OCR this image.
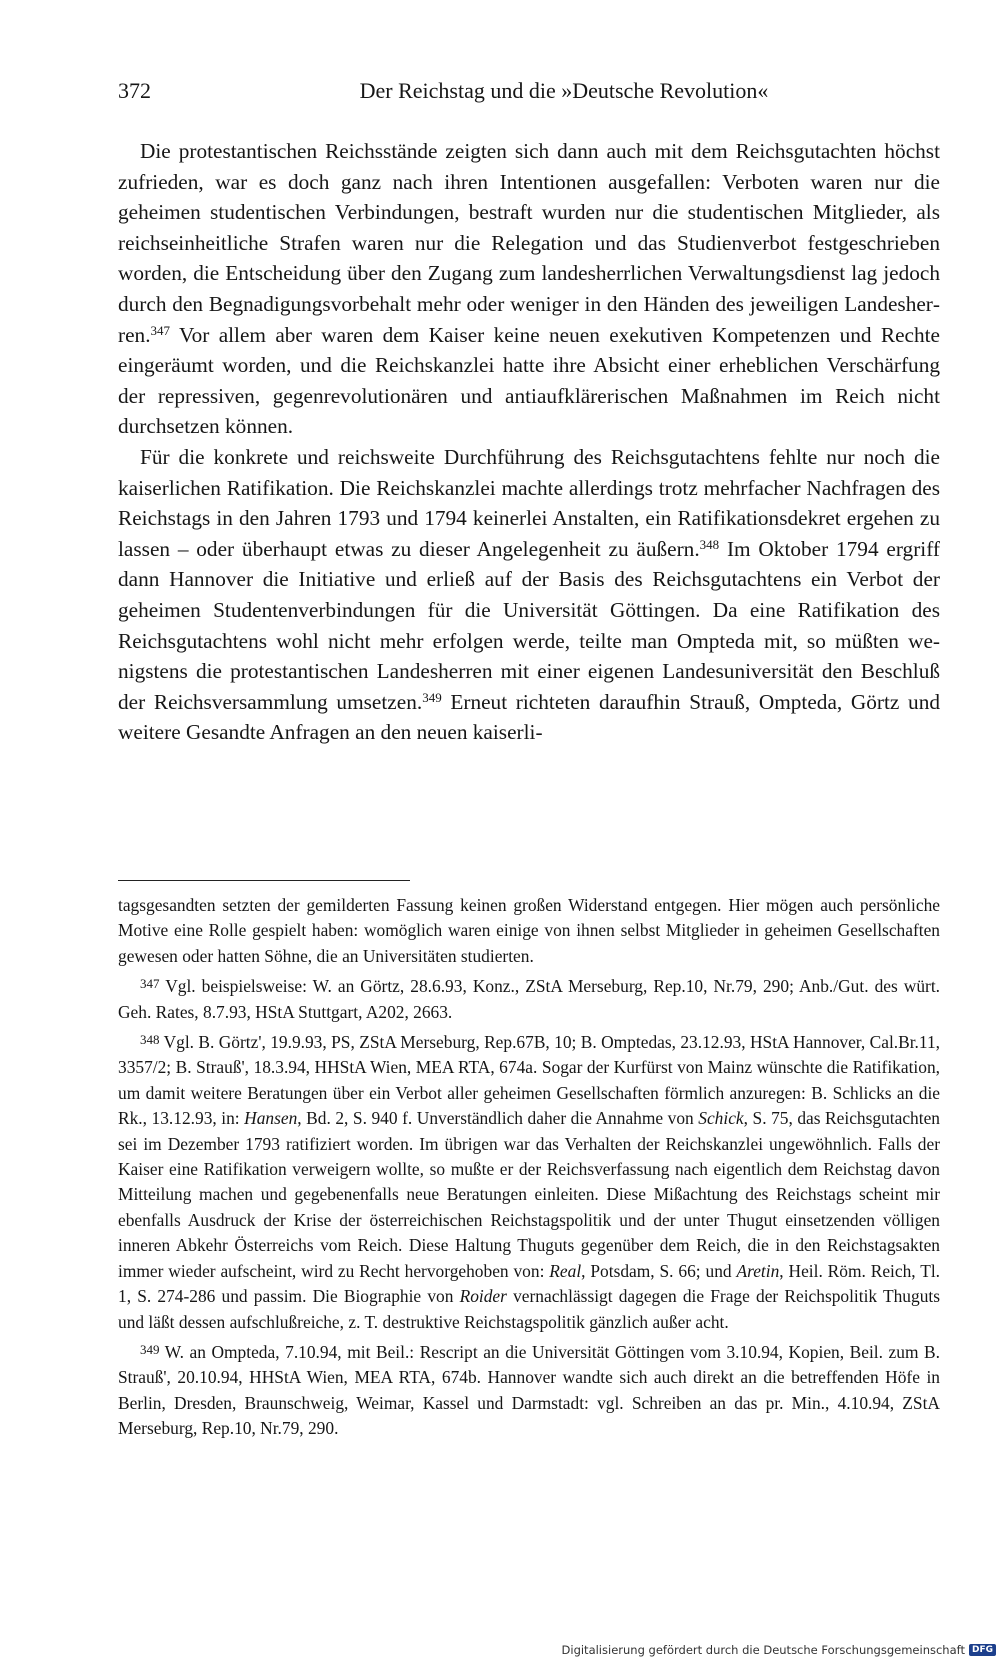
372	Der Reichstag und die »Deutsche Revolution«

Die protestantischen Reichsstände zeigten sich dann auch mit dem Reichsgutachten höchst zufrieden, war es doch ganz nach ihren Intentionen ausgefallen: Verboten waren nur die geheimen studentischen Verbindungen, bestraft wurden nur die studentischen Mitglieder, als reichseinheitliche Strafen waren nur die Relegation und das Studienverbot festgeschrieben worden, die Entscheidung über den Zugang zum landesherrlichen Verwaltungsdienst lag jedoch durch den Begnadigungsvorbehalt mehr oder weniger in den Händen des jeweiligen Landesherren.$^{347}$ Vor allem aber waren dem Kaiser keine neuen exekutiven Kompetenzen und Rechte eingeräumt worden, und die Reichskanzlei hatte ihre Absicht einer erheblichen Verschärfung der repressiven, gegenrevolutionären und antiaufklärerischen Maßnahmen im Reich nicht durchsetzen können.

Für die konkrete und reichsweite Durchführung des Reichsgutachtens fehlte nur noch die kaiserlichen Ratifikation. Die Reichskanzlei machte allerdings trotz mehrfacher Nachfragen des Reichstags in den Jahren 1793 und 1794 keinerlei Anstalten, ein Ratifikationsdekret ergehen zu lassen – oder überhaupt etwas zu dieser Angelegenheit zu äußern.$^{348}$ Im Oktober 1794 ergriff dann Hannover die Initiative und erließ auf der Basis des Reichsgutachtens ein Verbot der geheimen Studentenverbindungen für die Universität Göttingen. Da eine Ratifikation des Reichsgutachtens wohl nicht mehr erfolgen werde, teilte man Ompteda mit, so müßten wenigstens die protestantischen Landesherren mit einer eigenen Landesuniversität den Beschluß der Reichsversammlung umsetzen.$^{349}$ Erneut richteten daraufhin Strauß, Ompteda, Görtz und weitere Gesandte Anfragen an den neuen kaiserli-

tagsgesandten setzten der gemilderten Fassung keinen großen Widerstand entgegen. Hier mögen auch persönliche Motive eine Rolle gespielt haben: womöglich waren einige von ihnen selbst Mitglieder in geheimen Gesellschaften gewesen oder hatten Söhne, die an Universitäten studierten.

$^{347}$ Vgl. beispielsweise: W. an Görtz, 28.6.93, Konz., ZStA Merseburg, Rep.10, Nr.79, 290; Anb./Gut. des würt. Geh. Rates, 8.7.93, HStA Stuttgart, A202, 2663.

$^{348}$ Vgl. B. Görtz', 19.9.93, PS, ZStA Merseburg, Rep.67B, 10; B. Omptedas, 23.12.93, HStA Hannover, Cal.Br.11, 3357/2; B. Strauß', 18.3.94, HHStA Wien, MEA RTA, 674a. Sogar der Kurfürst von Mainz wünschte die Ratifikation, um damit weitere Beratungen über ein Verbot aller geheimen Gesellschaften förmlich anzuregen: B. Schlicks an die Rk., 13.12.93, in: Hansen, Bd. 2, S. 940 f. Unverständlich daher die Annahme von Schick, S. 75, das Reichsgutachten sei im Dezember 1793 ratifiziert worden. Im übrigen war das Verhalten der Reichskanzlei ungewöhnlich. Falls der Kaiser eine Ratifikation verweigern wollte, so mußte er der Reichsverfassung nach eigentlich dem Reichstag davon Mitteilung machen und gegebenenfalls neue Beratungen einleiten. Diese Mißachtung des Reichstags scheint mir ebenfalls Ausdruck der Krise der österreichischen Reichstagspolitik und der unter Thugut einsetzenden völligen inneren Abkehr Österreichs vom Reich. Diese Haltung Thuguts gegenüber dem Reich, die in den Reichstagsakten immer wieder aufscheint, wird zu Recht hervorgehoben von: Real, Potsdam, S. 66; und Aretin, Heil. Röm. Reich, Tl. 1, S. 274-286 und passim. Die Biographie von Roider vernachlässigt dagegen die Frage der Reichspolitik Thuguts und läßt dessen aufschlußreiche, z. T. destruktive Reichstagspolitik gänzlich außer acht.

$^{349}$ W. an Ompteda, 7.10.94, mit Beil.: Rescript an die Universität Göttingen vom 3.10.94, Kopien, Beil. zum B. Strauß', 20.10.94, HHStA Wien, MEA RTA, 674b. Hannover wandte sich auch direkt an die betreffenden Höfe in Berlin, Dresden, Braunschweig, Weimar, Kassel und Darmstadt: vgl. Schreiben an das pr. Min., 4.10.94, ZStA Merseburg, Rep.10, Nr.79, 290.

Digitalisierung gefördert durch die Deutsche Forschungsgemeinschaft DFG
